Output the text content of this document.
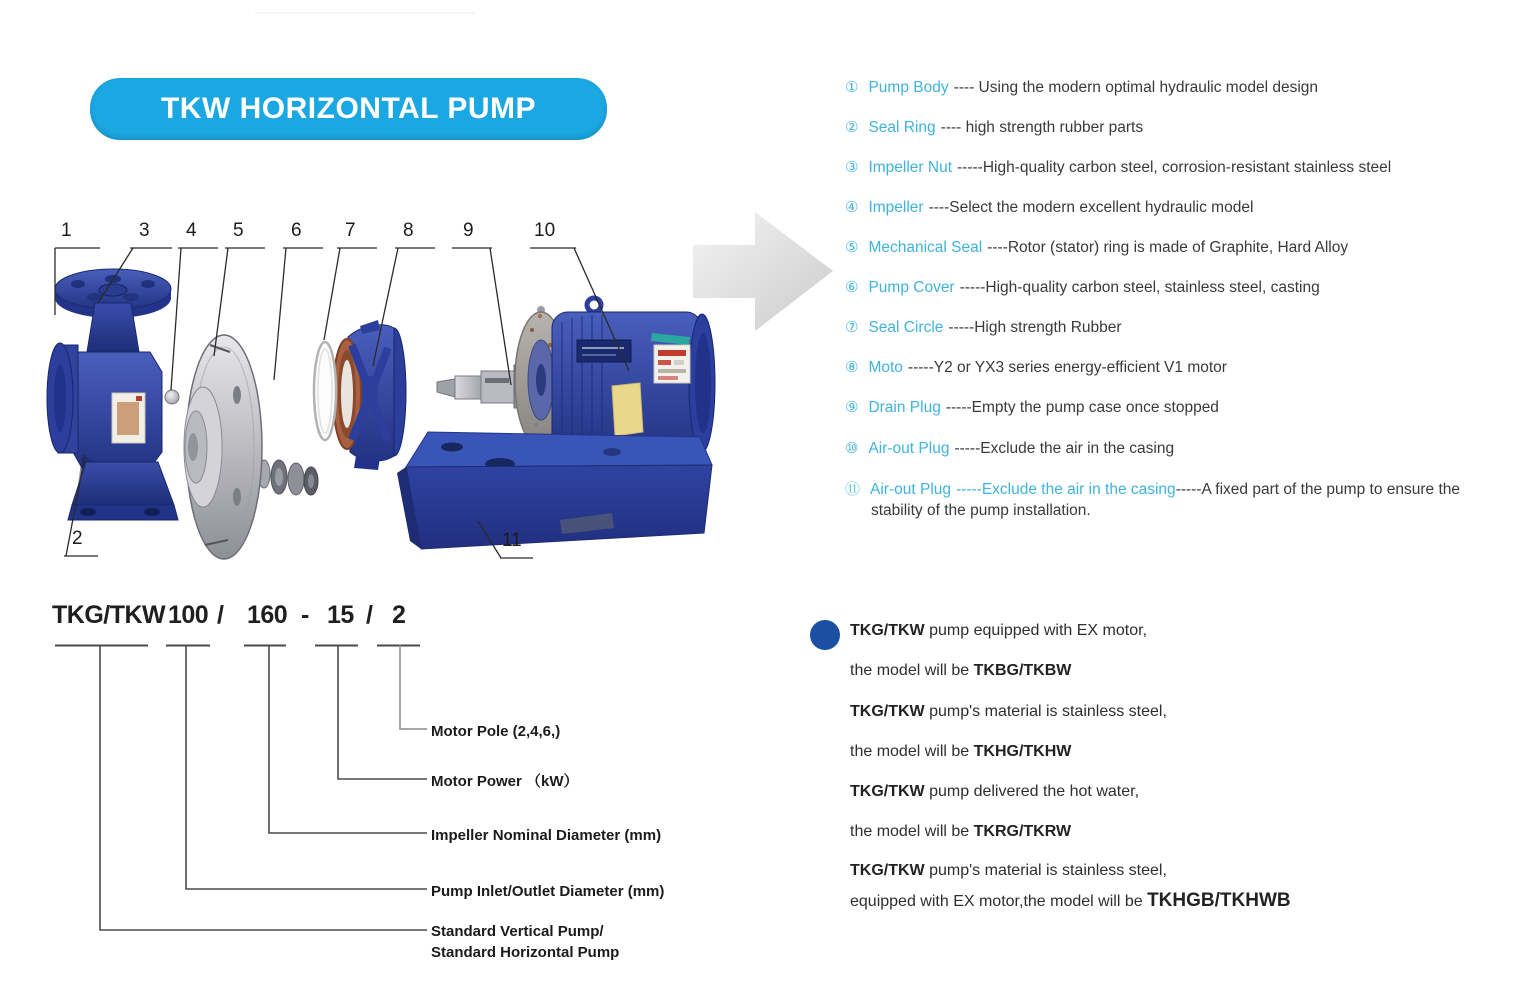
TKW HORIZONTAL PUMP
1
2
3 4 5 6 7 8	9	10
11
① Pump Body ---- Using the modern optimal hydraulic model design
② Seal Ring ---- high strength rubber parts
③ Impeller Nut -----High-quality carbon steel, corrosion-resistant stainless steel
④ Impeller ----Select the modern excellent hydraulic model
⑤ Mechanical Seal ----Rotor (stator) ring is made of Graphite, Hard Alloy
⑥ Pump Cover -----High-quality carbon steel, stainless steel, casting
⑦ Seal Circle -----High strength Rubber
⑧ Moto -----Y2 or YX3 series energy-efficient V1 motor
⑨ Drain Plug -----Empty the pump case once stopped
⑩ Air-out Plug -----Exclude the air in the casing
⑪ Air-out Plug -----Exclude the air in the casing-----A fixed part of the pump to ensure the stability of the pump installation.
TKG/TKW 100 / 160 - 15 / 2
Motor Pole (2,4,6,)
Motor Power （kW）
Impeller Nominal Diameter (mm)
Pump Inlet/Outlet Diameter (mm)
Standard Vertical Pump/
Standard Horizontal Pump
TKG/TKW pump equipped with EX motor,
the model will be TKBG/TKBW
TKG/TKW pump's material is stainless steel,
the model will be TKHG/TKHW
TKG/TKW pump delivered the hot water,
the model will be TKRG/TKRW
TKG/TKW pump's material is stainless steel,
equipped with EX motor,the model will be TKHGB/TKHWB
